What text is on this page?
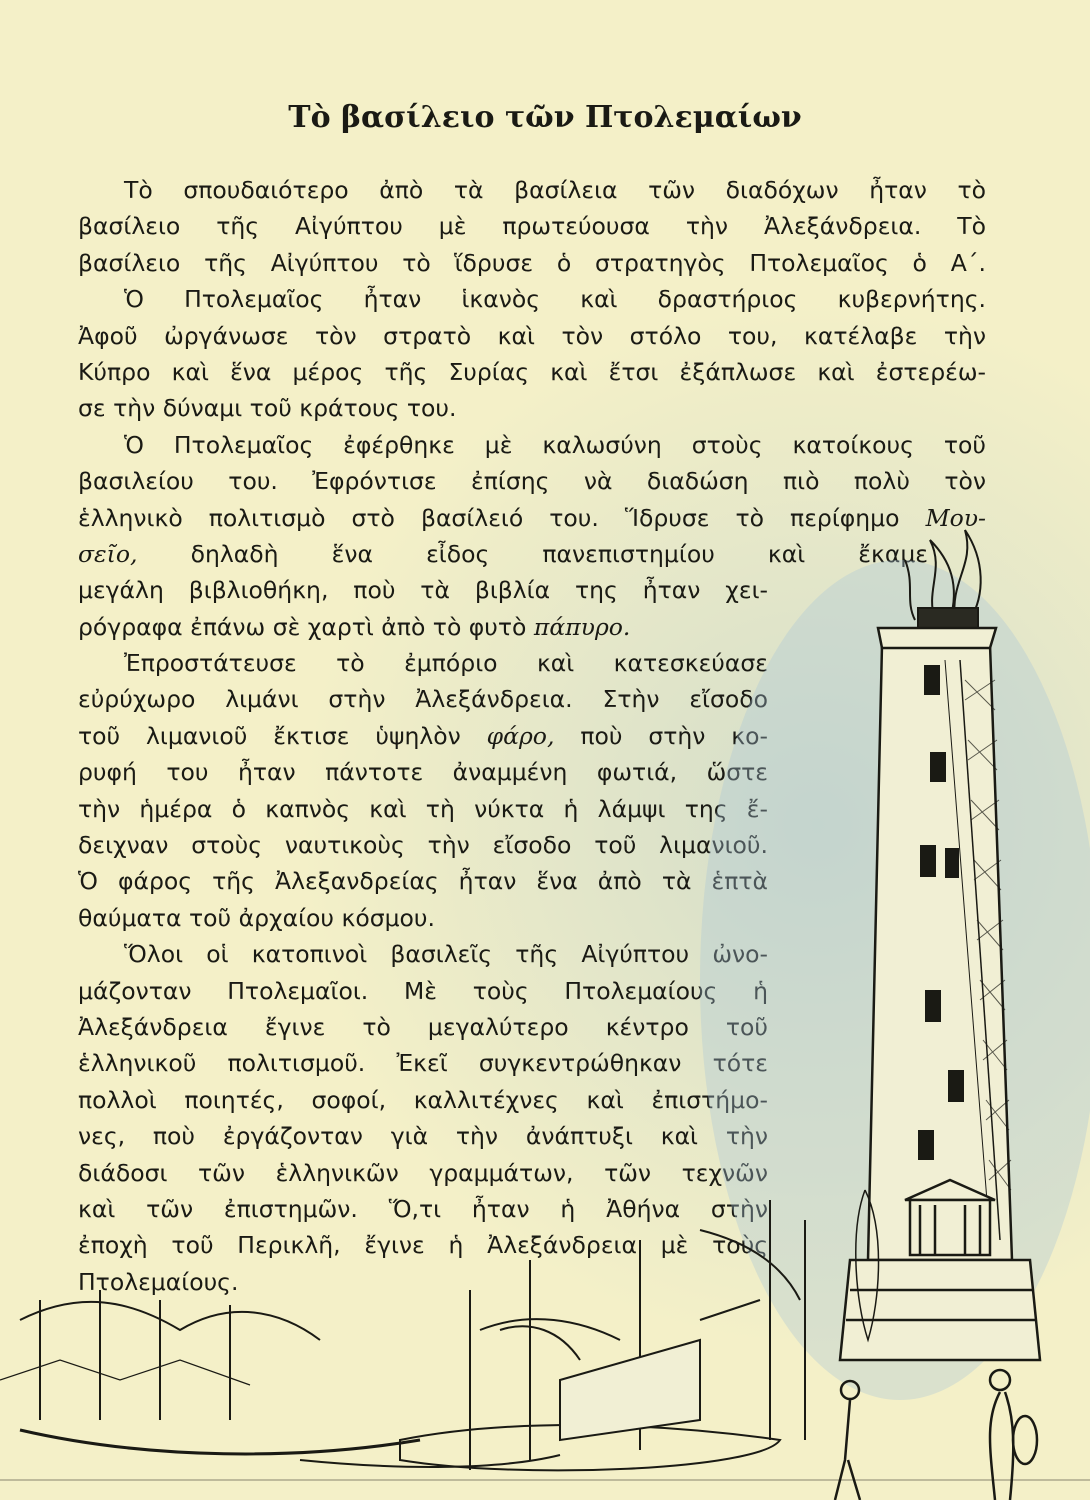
Τὸ βασίλειο τῶν Πτολεμαίων
Τὸ σπουδαιότερο ἀπὸ τὰ βασίλεια τῶν διαδόχων ἦταν τὸ
βασίλειο τῆς Αἰγύπτου μὲ πρωτεύουσα τὴν Ἀλεξάνδρεια. Τὸ
βασίλειο τῆς Αἰγύπτου τὸ ἵδρυσε ὁ στρατηγὸς Πτολεμαῖος ὁ Α΄.
Ὁ Πτολεμαῖος ἦταν ἱκανὸς καὶ δραστήριος κυβερνήτης.
Ἀφοῦ ὠργάνωσε τὸν στρατὸ καὶ τὸν στόλο του, κατέλαβε τὴν
Κύπρο καὶ ἕνα μέρος τῆς Συρίας καὶ ἔτσι ἐξάπλωσε καὶ ἐστερέω-
σε τὴν δύναμι τοῦ κράτους του.
Ὁ Πτολεμαῖος ἐφέρθηκε μὲ καλωσύνη στοὺς κατοίκους τοῦ
βασιλείου του. Ἐφρόντισε ἐπίσης νὰ διαδώση πιὸ πολὺ τὸν
ἑλληνικὸ πολιτισμὸ στὸ βασίλειό του. Ἵδρυσε τὸ περίφημο Μου-
σεῖο, δηλαδὴ ἕνα εἶδος πανεπιστημίου καὶ ἔκαμε
μεγάλη βιβλιοθήκη, ποὺ τὰ βιβλία της ἦταν χει-
ρόγραφα ἐπάνω σὲ χαρτὶ ἀπὸ τὸ φυτὸ πάπυρο.
Ἐπροστάτευσε τὸ ἐμπόριο καὶ κατεσκεύασε
εὐρύχωρο λιμάνι στὴν Ἀλεξάνδρεια. Στὴν εἴσοδο
τοῦ λιμανιοῦ ἔκτισε ὑψηλὸν φάρο, ποὺ στὴν κο-
ρυφή του ἦταν πάντοτε ἀναμμένη φωτιά, ὥστε
τὴν ἡμέρα ὁ καπνὸς καὶ τὴ νύκτα ἡ λάμψι της ἔ-
δειχναν στοὺς ναυτικοὺς τὴν εἴσοδο τοῦ λιμανιοῦ.
Ὁ φάρος τῆς Ἀλεξανδρείας ἦταν ἕνα ἀπὸ τὰ ἑπτὰ
θαύματα τοῦ ἀρχαίου κόσμου.
Ὅλοι οἱ κατοπινοὶ βασιλεῖς τῆς Αἰγύπτου ὠνο-
μάζονταν Πτολεμαῖοι. Μὲ τοὺς Πτολεμαίους ἡ
Ἀλεξάνδρεια ἔγινε τὸ μεγαλύτερο κέντρο τοῦ
ἑλληνικοῦ πολιτισμοῦ. Ἐκεῖ συγκεντρώθηκαν τότε
πολλοὶ ποιητές, σοφοί, καλλιτέχνες καὶ ἐπιστήμο-
νες, ποὺ ἐργάζονταν γιὰ τὴν ἀνάπτυξι καὶ τὴν
διάδοσι τῶν ἑλληνικῶν γραμμάτων, τῶν τεχνῶν
καὶ τῶν ἐπιστημῶν. Ὅ,τι ἦταν ἡ Ἀθήνα στὴν
ἐποχὴ τοῦ Περικλῆ, ἔγινε ἡ Ἀλεξάνδρεια μὲ τοὺς
Πτολεμαίους.
